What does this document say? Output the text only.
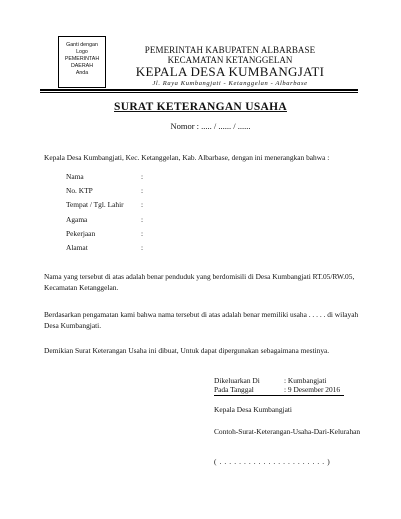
Ganti dengan
Logo
PEMERINTAH
DAERAH
Anda
PEMERINTAH KABUPATEN ALBARBASE
KECAMATAN KETANGGELAN
KEPALA DESA KUMBANGJATI
Jl. Raya Kumbangjati - Ketanggelan - Albarbase
SURAT KETERANGAN USAHA
Nomor : ..... / ...... / ......
Kepala Desa Kumbangjati, Kec. Ketanggelan, Kab. Albarbase, dengan ini menerangkan bahwa :
Nama	:
No. KTP	:
Tempat / Tgl. Lahir :
Agama	:
Pekerjaan	:
Alamat	:
Nama yang tersebut di atas adalah benar penduduk yang berdomisili di Desa Kumbangjati RT.05/RW.05, Kecamatan Ketanggelan.
Berdasarkan pengamatan kami bahwa nama tersebut di atas adalah benar memiliki usaha . . . . . di wilayah Desa Kumbangjati.
Demikian Surat Keterangan Usaha ini dibuat, Untuk dapat dipergunakan sebagaimana mestinya.
Dikeluarkan Di	: Kumbangjati
Pada Tanggal	: 9 Desember 2016
Kepala Desa Kumbangjati
Contoh-Surat-Keterangan-Usaha-Dari-Kelurahan
( . . . . . . . . . . . . . . . . . . . . . . )
